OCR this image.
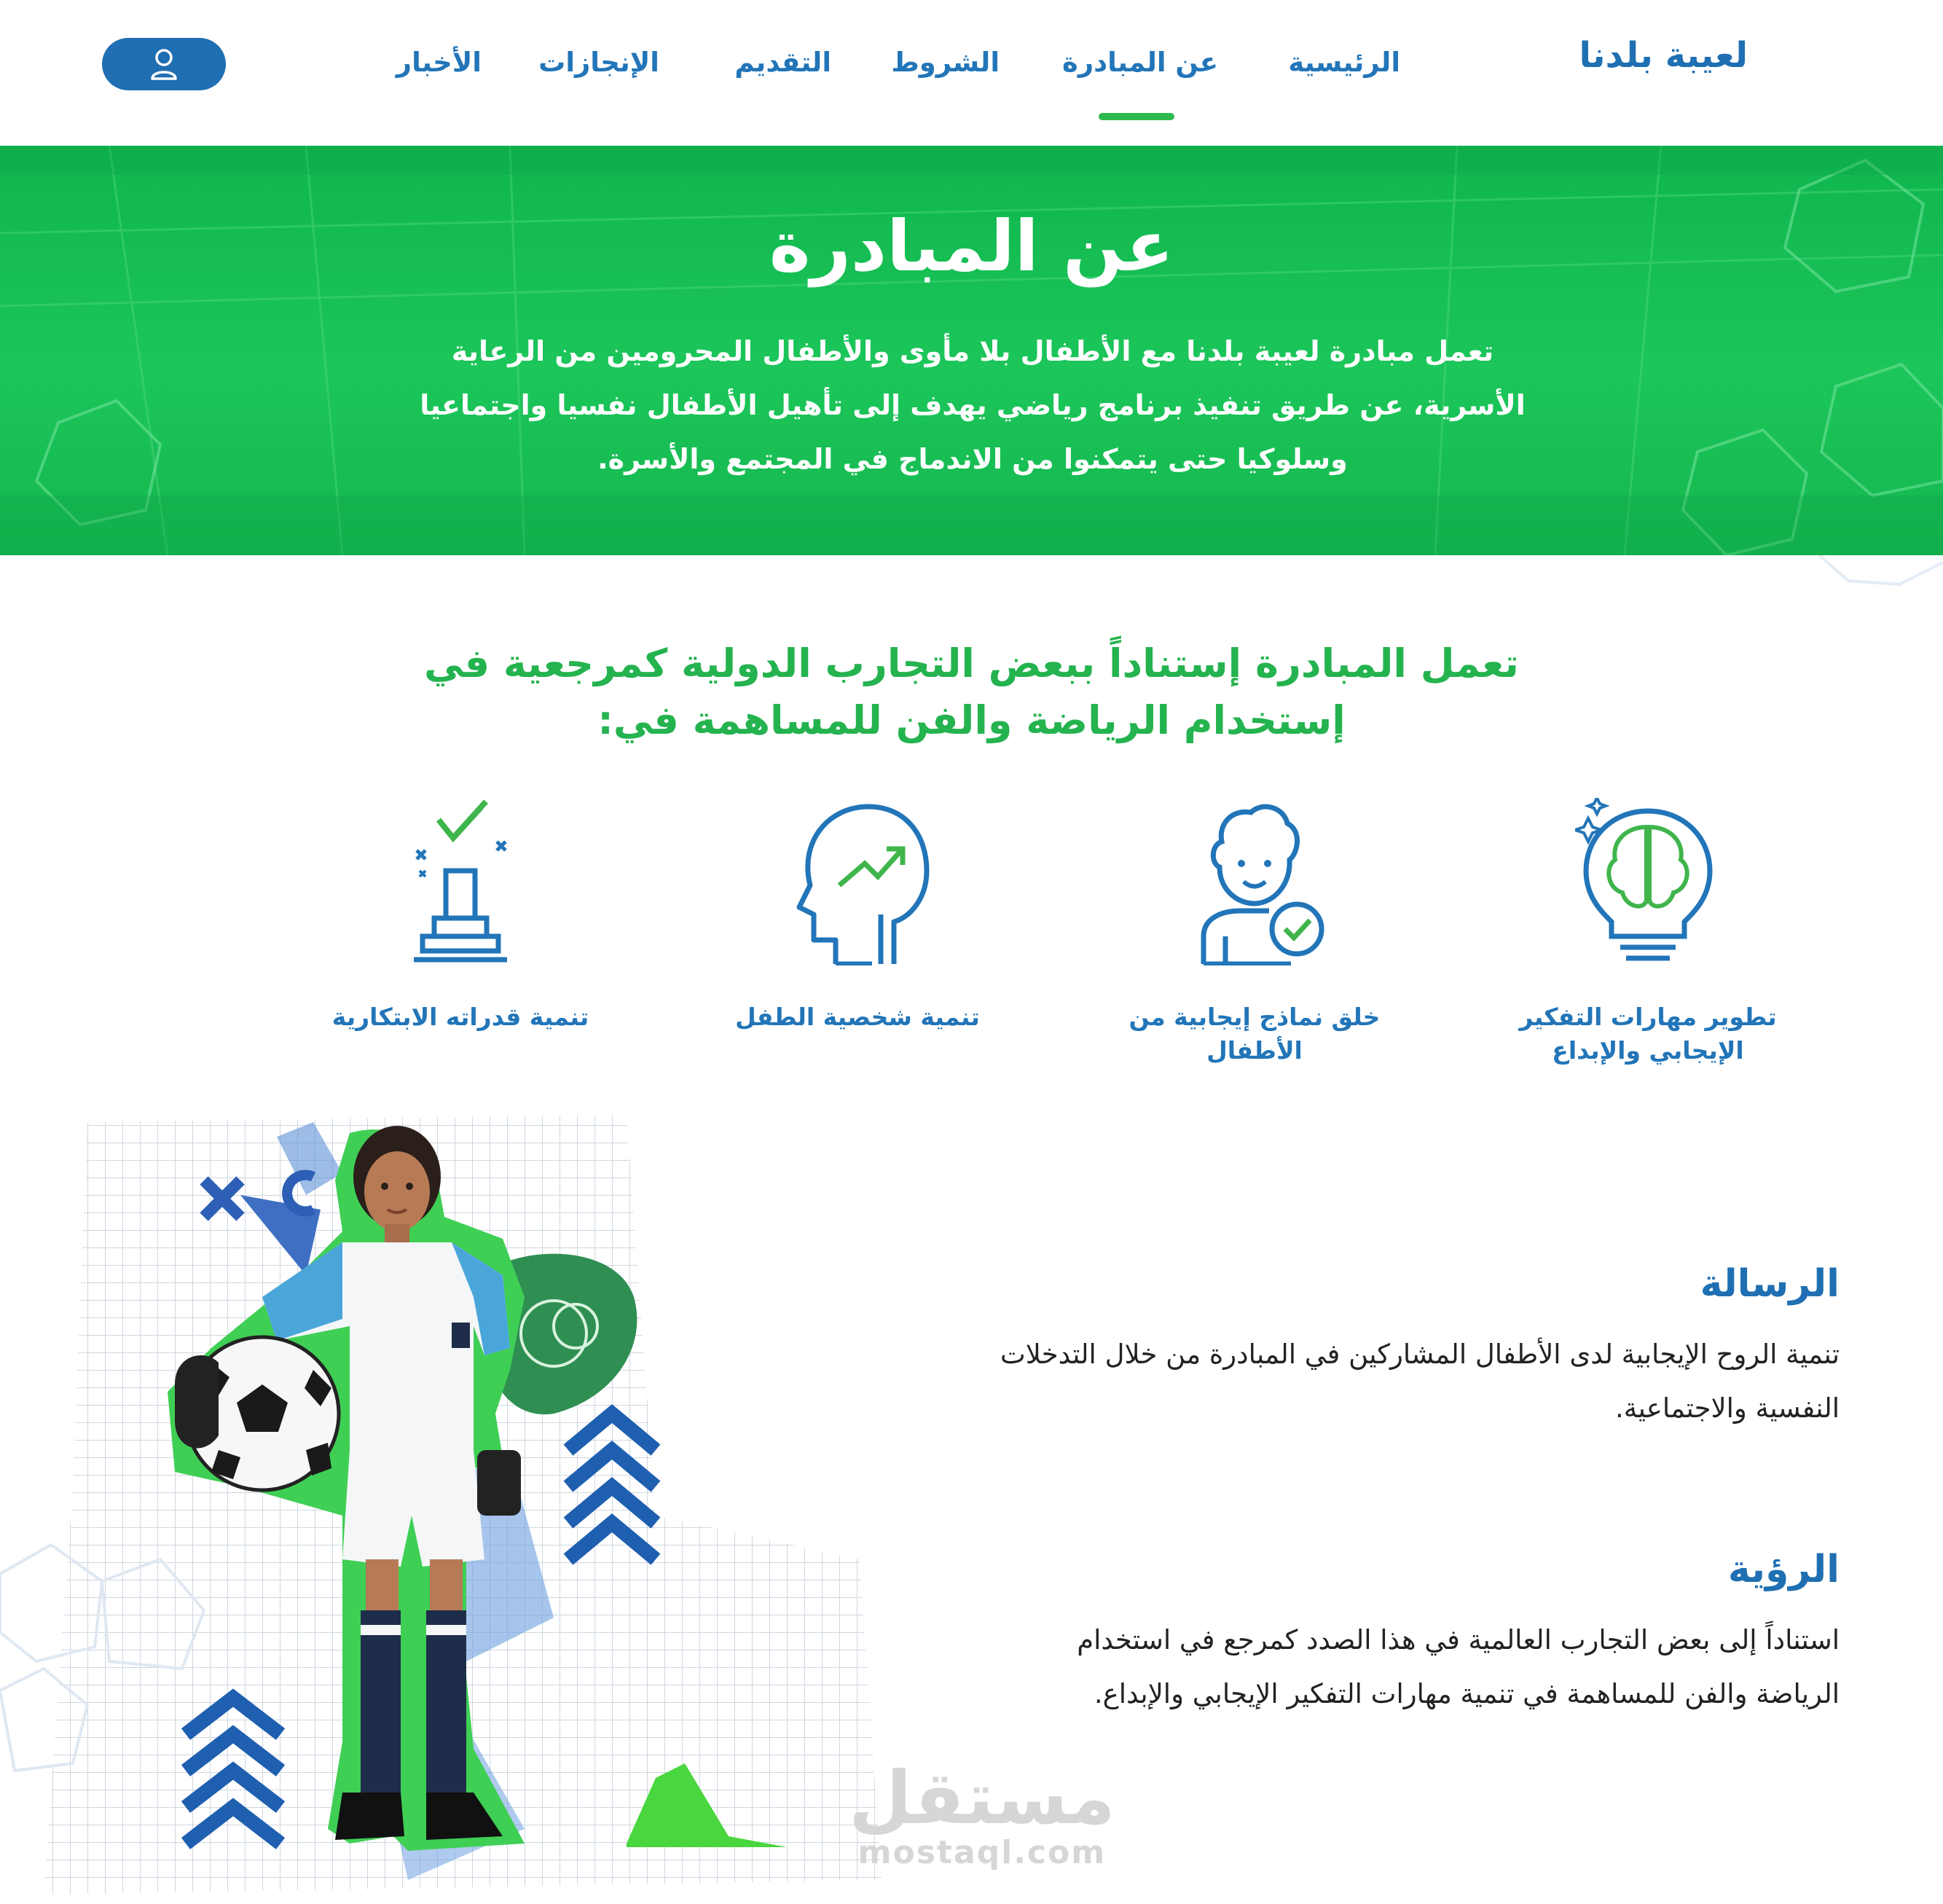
لعيبة بلدنا
الرئيسية
عن المبادرة
الشروط
التقديم
الإنجازات
الأخبار
عن المبادرة
تعمل مبادرة لعيبة بلدنا مع الأطفال بلا مأوى والأطفال المحرومين من الرعاية الأسرية، عن طريق تنفيذ برنامج رياضي يهدف إلى تأهيل الأطفال نفسيا واجتماعيا وسلوكيا حتى يتمكنوا من الاندماج في المجتمع والأسرة.
تعمل المبادرة إستناداً ببعض التجارب الدولية كمرجعية في إستخدام الرياضة والفن للمساهمة في:
تطوير مهارات التفكير الإيجابي والإبداع
خلق نماذج إيجابية من الأطفال
تنمية شخصية الطفل
تنمية قدراته الابتكارية
الرسالة
تنمية الروح الإيجابية لدى الأطفال المشاركين في المبادرة من خلال التدخلات النفسية والاجتماعية.
الرؤية
استناداً إلى بعض التجارب العالمية في هذا الصدد كمرجع في استخدام الرياضة والفن للمساهمة في تنمية مهارات التفكير الإيجابي والإبداع.
مستقل
mostaql.com
